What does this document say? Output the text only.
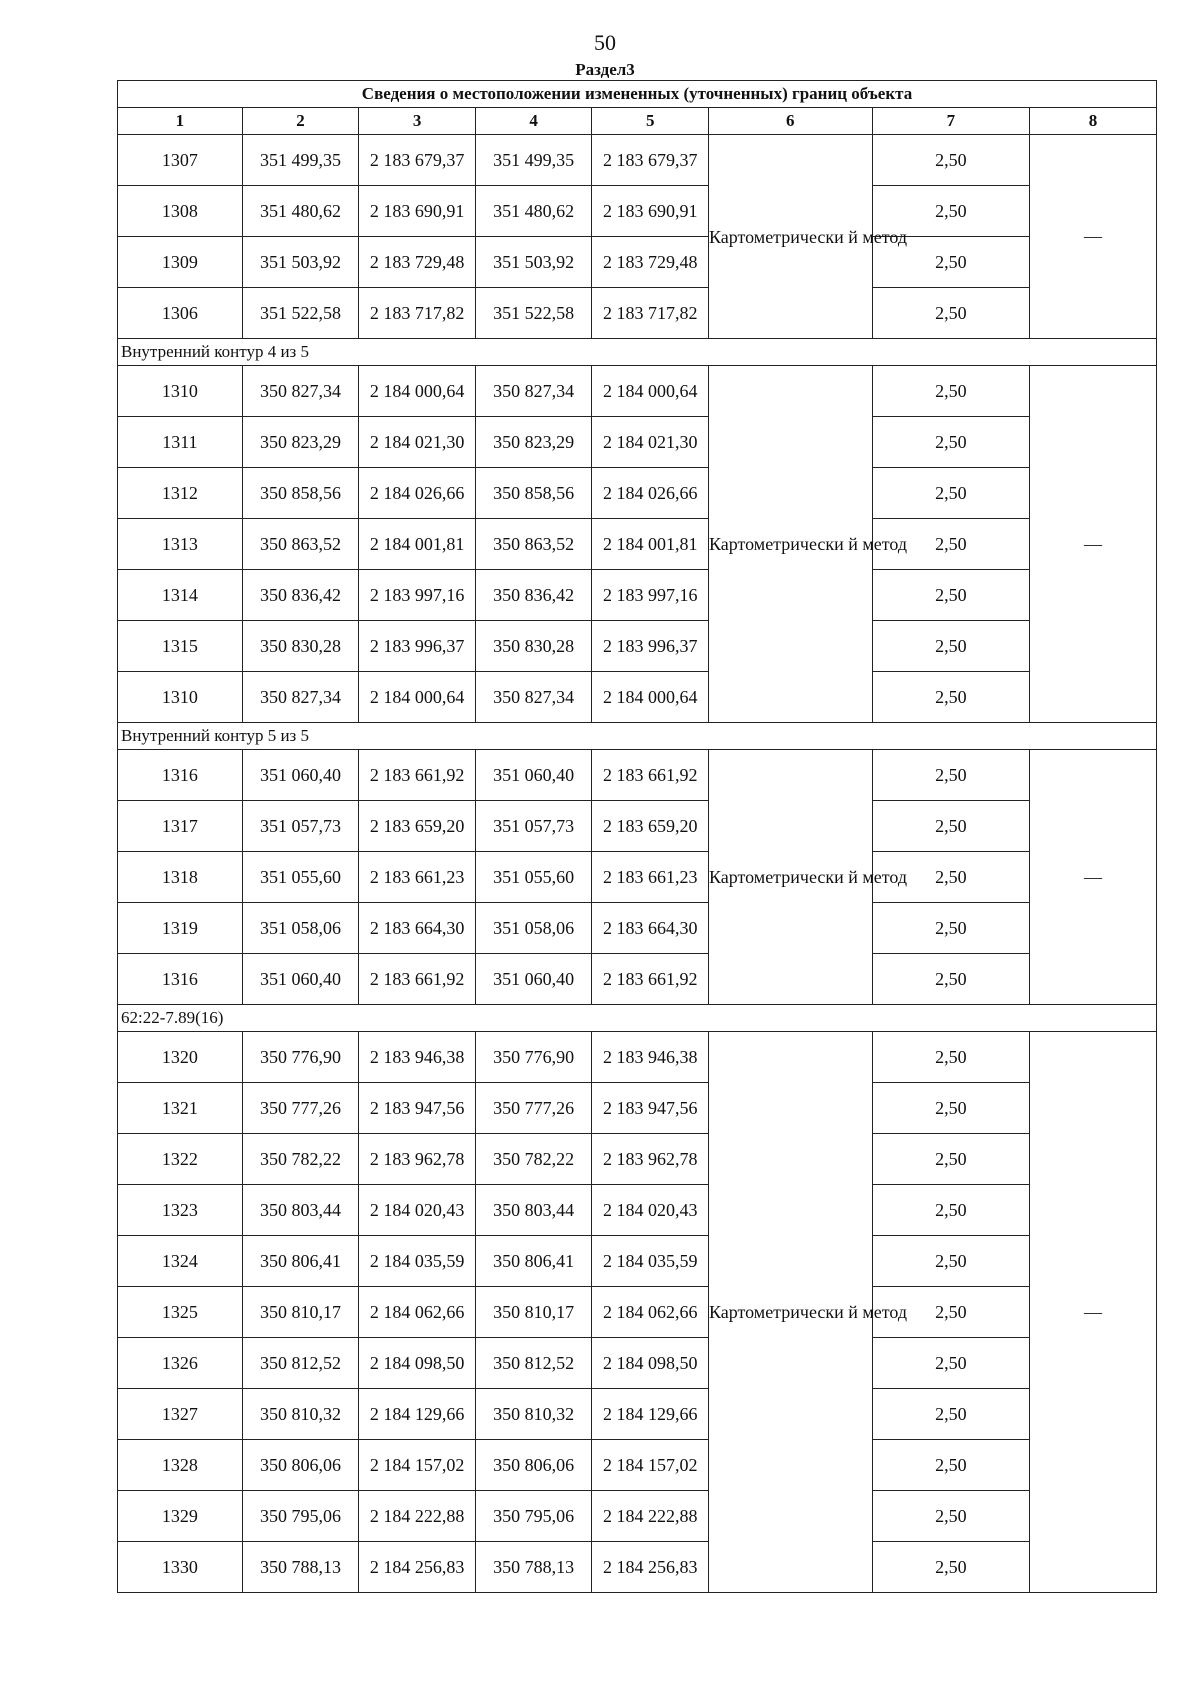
50
Раздел3
Сведения о местоположении измененных (уточненных) границ объекта							
1	2	3	4	5	6	7	8
1307	351 499,35	2 183 679,37	351 499,35	2 183 679,37	Картометрически й метод	2,50	—
1308	351 480,62	2 183 690,91	351 480,62	2 183 690,91		2,50	
1309	351 503,92	2 183 729,48	351 503,92	2 183 729,48		2,50	
1306	351 522,58	2 183 717,82	351 522,58	2 183 717,82		2,50	
Внутренний контур 4 из 5							
1310	350 827,34	2 184 000,64	350 827,34	2 184 000,64	Картометрически й метод	2,50	—
1311	350 823,29	2 184 021,30	350 823,29	2 184 021,30		2,50	
1312	350 858,56	2 184 026,66	350 858,56	2 184 026,66		2,50	
1313	350 863,52	2 184 001,81	350 863,52	2 184 001,81		2,50	
1314	350 836,42	2 183 997,16	350 836,42	2 183 997,16		2,50	
1315	350 830,28	2 183 996,37	350 830,28	2 183 996,37		2,50	
1310	350 827,34	2 184 000,64	350 827,34	2 184 000,64		2,50	
Внутренний контур 5 из 5							
1316	351 060,40	2 183 661,92	351 060,40	2 183 661,92	Картометрически й метод	2,50	—
1317	351 057,73	2 183 659,20	351 057,73	2 183 659,20		2,50	
1318	351 055,60	2 183 661,23	351 055,60	2 183 661,23		2,50	
1319	351 058,06	2 183 664,30	351 058,06	2 183 664,30		2,50	
1316	351 060,40	2 183 661,92	351 060,40	2 183 661,92		2,50	
62:22-7.89(16)							
1320	350 776,90	2 183 946,38	350 776,90	2 183 946,38	Картометрически й метод	2,50	—
1321	350 777,26	2 183 947,56	350 777,26	2 183 947,56		2,50	
1322	350 782,22	2 183 962,78	350 782,22	2 183 962,78		2,50	
1323	350 803,44	2 184 020,43	350 803,44	2 184 020,43		2,50	
1324	350 806,41	2 184 035,59	350 806,41	2 184 035,59		2,50	
1325	350 810,17	2 184 062,66	350 810,17	2 184 062,66		2,50	
1326	350 812,52	2 184 098,50	350 812,52	2 184 098,50		2,50	
1327	350 810,32	2 184 129,66	350 810,32	2 184 129,66		2,50	
1328	350 806,06	2 184 157,02	350 806,06	2 184 157,02		2,50	
1329	350 795,06	2 184 222,88	350 795,06	2 184 222,88		2,50	
1330	350 788,13	2 184 256,83	350 788,13	2 184 256,83		2,50	
